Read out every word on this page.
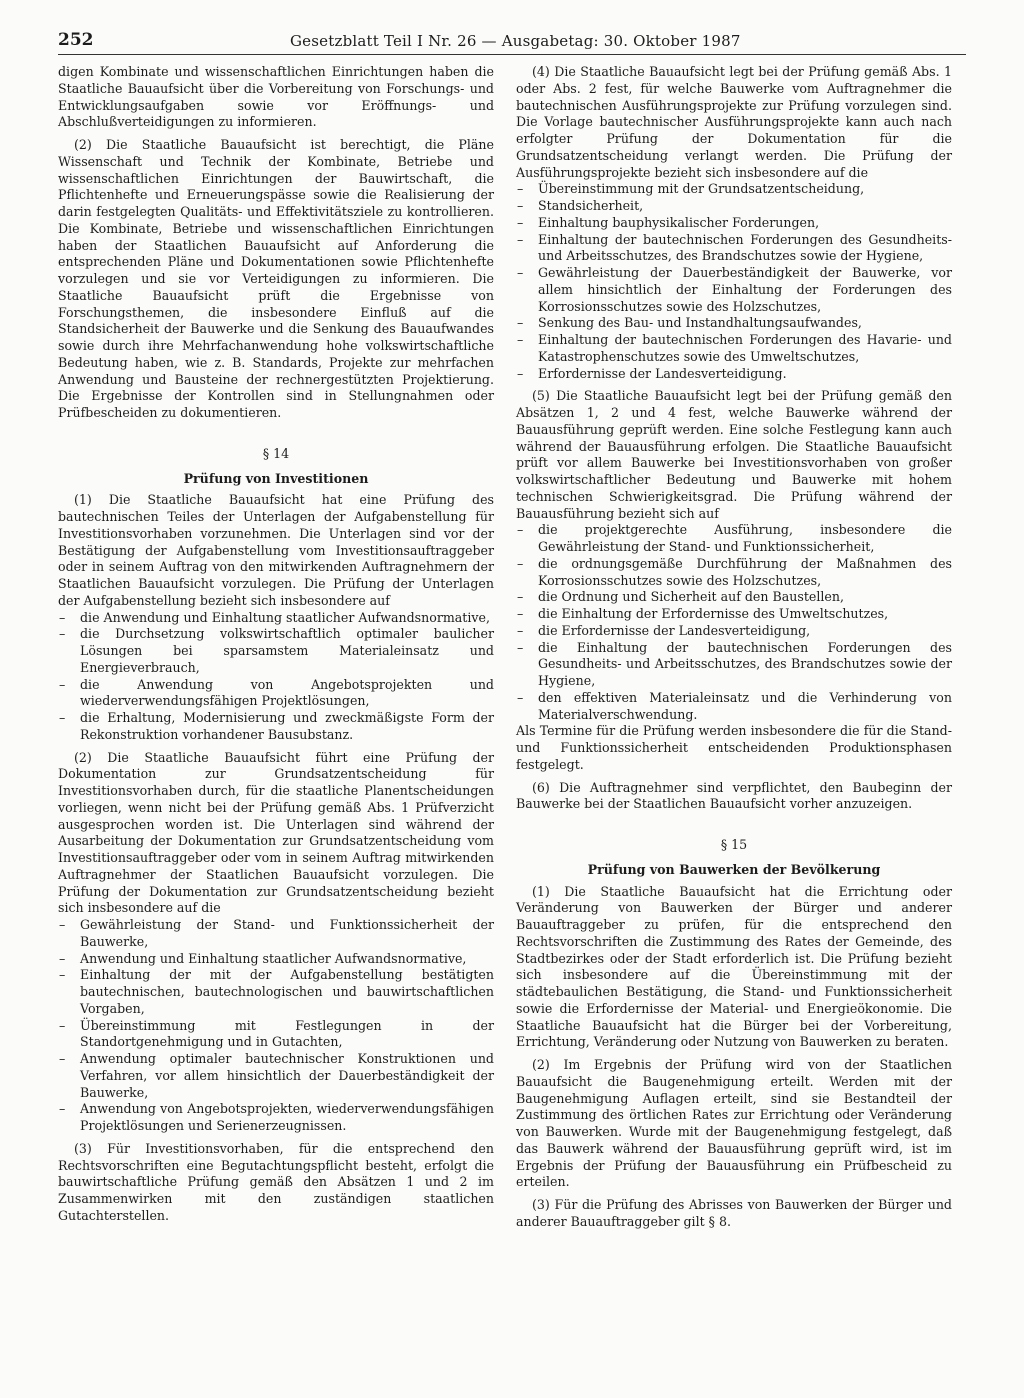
252	Gesetzblatt Teil I Nr. 26 — Ausgabetag: 30. Oktober 1987

digen Kombinate und wissenschaftlichen Einrichtungen haben die Staatliche Bauaufsicht über die Vorbereitung von Forschungs- und Entwicklungsaufgaben sowie vor Eröffnungs- und Abschlußverteidigungen zu informieren.

(2) Die Staatliche Bauaufsicht ist berechtigt, die Pläne Wissenschaft und Technik der Kombinate, Betriebe und wissenschaftlichen Einrichtungen der Bauwirtschaft, die Pflichtenhefte und Erneuerungspässe sowie die Realisierung der darin festgelegten Qualitäts- und Effektivitätsziele zu kontrollieren. Die Kombinate, Betriebe und wissenschaftlichen Einrichtungen haben der Staatlichen Bauaufsicht auf Anforderung die entsprechenden Pläne und Dokumentationen sowie Pflichtenhefte vorzulegen und sie vor Verteidigungen zu informieren. Die Staatliche Bauaufsicht prüft die Ergebnisse von Forschungsthemen, die insbesondere Einfluß auf die Standsicherheit der Bauwerke und die Senkung des Bauaufwandes sowie durch ihre Mehrfachanwendung hohe volkswirtschaftliche Bedeutung haben, wie z. B. Standards, Projekte zur mehrfachen Anwendung und Bausteine der rechnergestützten Projektierung. Die Ergebnisse der Kontrollen sind in Stellungnahmen oder Prüfbescheiden zu dokumentieren.

§ 14
Prüfung von Investitionen

(1) Die Staatliche Bauaufsicht hat eine Prüfung des bautechnischen Teiles der Unterlagen der Aufgabenstellung für Investitionsvorhaben vorzunehmen. Die Unterlagen sind vor der Bestätigung der Aufgabenstellung vom Investitionsauftraggeber oder in seinem Auftrag von den mitwirkenden Auftragnehmern der Staatlichen Bauaufsicht vorzulegen. Die Prüfung der Unterlagen der Aufgabenstellung bezieht sich insbesondere auf

– die Anwendung und Einhaltung staatlicher Aufwandsnormative,
– die Durchsetzung volkswirtschaftlich optimaler baulicher Lösungen bei sparsamstem Materialeinsatz und Energieverbrauch,
– die Anwendung von Angebotsprojekten und wiederverwendungsfähigen Projektlösungen,
– die Erhaltung, Modernisierung und zweckmäßigste Form der Rekonstruktion vorhandener Bausubstanz.

(2) Die Staatliche Bauaufsicht führt eine Prüfung der Dokumentation zur Grundsatzentscheidung für Investitionsvorhaben durch, für die staatliche Planentscheidungen vorliegen, wenn nicht bei der Prüfung gemäß Abs. 1 Prüfverzicht ausgesprochen worden ist. Die Unterlagen sind während der Ausarbeitung der Dokumentation zur Grundsatzentscheidung vom Investitionsauftraggeber oder vom in seinem Auftrag mitwirkenden Auftragnehmer der Staatlichen Bauaufsicht vorzulegen. Die Prüfung der Dokumentation zur Grundsatzentscheidung bezieht sich insbesondere auf die

– Gewährleistung der Stand- und Funktionssicherheit der Bauwerke,
– Anwendung und Einhaltung staatlicher Aufwandsnormative,
– Einhaltung der mit der Aufgabenstellung bestätigten bautechnischen, bautechnologischen und bauwirtschaftlichen Vorgaben,
– Übereinstimmung mit Festlegungen in der Standortgenehmigung und in Gutachten,
– Anwendung optimaler bautechnischer Konstruktionen und Verfahren, vor allem hinsichtlich der Dauerbeständigkeit der Bauwerke,
– Anwendung von Angebotsprojekten, wiederverwendungsfähigen Projektlösungen und Serienerzeugnissen.

(3) Für Investitionsvorhaben, für die entsprechend den Rechtsvorschriften eine Begutachtungspflicht besteht, erfolgt die bauwirtschaftliche Prüfung gemäß den Absätzen 1 und 2 im Zusammenwirken mit den zuständigen staatlichen Gutachterstellen.

(4) Die Staatliche Bauaufsicht legt bei der Prüfung gemäß Abs. 1 oder Abs. 2 fest, für welche Bauwerke vom Auftragnehmer die bautechnischen Ausführungsprojekte zur Prüfung vorzulegen sind. Die Vorlage bautechnischer Ausführungsprojekte kann auch nach erfolgter Prüfung der Dokumentation für die Grundsatzentscheidung verlangt werden. Die Prüfung der Ausführungsprojekte bezieht sich insbesondere auf die

– Übereinstimmung mit der Grundsatzentscheidung,
– Standsicherheit,
– Einhaltung bauphysikalischer Forderungen,
– Einhaltung der bautechnischen Forderungen des Gesundheits- und Arbeitsschutzes, des Brandschutzes sowie der Hygiene,
– Gewährleistung der Dauerbeständigkeit der Bauwerke, vor allem hinsichtlich der Einhaltung der Forderungen des Korrosionsschutzes sowie des Holzschutzes,
– Senkung des Bau- und Instandhaltungsaufwandes,
– Einhaltung der bautechnischen Forderungen des Havarie- und Katastrophenschutzes sowie des Umweltschutzes,
– Erfordernisse der Landesverteidigung.

(5) Die Staatliche Bauaufsicht legt bei der Prüfung gemäß den Absätzen 1, 2 und 4 fest, welche Bauwerke während der Bauausführung geprüft werden. Eine solche Festlegung kann auch während der Bauausführung erfolgen. Die Staatliche Bauaufsicht prüft vor allem Bauwerke bei Investitionsvorhaben von großer volkswirtschaftlicher Bedeutung und Bauwerke mit hohem technischen Schwierigkeitsgrad. Die Prüfung während der Bauausführung bezieht sich auf

– die projektgerechte Ausführung, insbesondere die Gewährleistung der Stand- und Funktionssicherheit,
– die ordnungsgemäße Durchführung der Maßnahmen des Korrosionsschutzes sowie des Holzschutzes,
– die Ordnung und Sicherheit auf den Baustellen,
– die Einhaltung der Erfordernisse des Umweltschutzes,
– die Erfordernisse der Landesverteidigung,
– die Einhaltung der bautechnischen Forderungen des Gesundheits- und Arbeitsschutzes, des Brandschutzes sowie der Hygiene,
– den effektiven Materialeinsatz und die Verhinderung von Materialverschwendung.

Als Termine für die Prüfung werden insbesondere die für die Stand- und Funktionssicherheit entscheidenden Produktionsphasen festgelegt.

(6) Die Auftragnehmer sind verpflichtet, den Baubeginn der Bauwerke bei der Staatlichen Bauaufsicht vorher anzuzeigen.

§ 15
Prüfung von Bauwerken der Bevölkerung

(1) Die Staatliche Bauaufsicht hat die Errichtung oder Veränderung von Bauwerken der Bürger und anderer Bauauftraggeber zu prüfen, für die entsprechend den Rechtsvorschriften die Zustimmung des Rates der Gemeinde, des Stadtbezirkes oder der Stadt erforderlich ist. Die Prüfung bezieht sich insbesondere auf die Übereinstimmung mit der städtebaulichen Bestätigung, die Stand- und Funktionssicherheit sowie die Erfordernisse der Material- und Energieökonomie. Die Staatliche Bauaufsicht hat die Bürger bei der Vorbereitung, Errichtung, Veränderung oder Nutzung von Bauwerken zu beraten.

(2) Im Ergebnis der Prüfung wird von der Staatlichen Bauaufsicht die Baugenehmigung erteilt. Werden mit der Baugenehmigung Auflagen erteilt, sind sie Bestandteil der Zustimmung des örtlichen Rates zur Errichtung oder Veränderung von Bauwerken. Wurde mit der Baugenehmigung festgelegt, daß das Bauwerk während der Bauausführung geprüft wird, ist im Ergebnis der Prüfung der Bauausführung ein Prüfbescheid zu erteilen.

(3) Für die Prüfung des Abrisses von Bauwerken der Bürger und anderer Bauauftraggeber gilt § 8.
